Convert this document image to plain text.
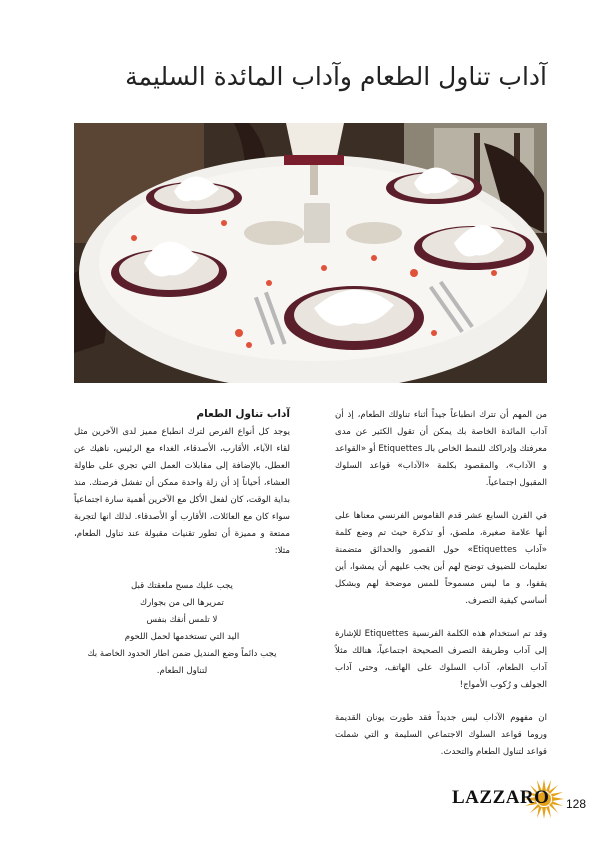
آداب تناول الطعام وآداب المائدة السليمة

من المهم أن تترك انطباعاً جيداً أثناء تناولك الطعام، إذ أن آداب المائدة الخاصة بك يمكن أن تقول الكثير عن مدى معرفتك وإدراكك للنمط الخاص بالـ Etiquettes أو «القواعد و الآداب»، والمقصود بكلمة «الآداب» قواعد السلوك المقبول اجتماعياً.

في القرن السابع عشر قدم القاموس الفرنسي معناها على أنها علامة صغيرة، ملصق، أو تذكرة حيث تم وضع كلمة «آداب Etiquettes» حول القصور والحدائق متضمنة تعليمات للضيوف توضح لهم أين يجب عليهم أن يمشوا، أين يقفوا، و ما ليس مسموحاً للمس موضحة لهم وبشكل أساسي كيفية التصرف.

وقد تم استخدام هذه الكلمة الفرنسية Etiquettes للإشارة إلى آداب وطريقة التصرف الصحيحة اجتماعياً، هنالك مثلاً آداب الطعام، آداب السلوك على الهاتف، وحتى آداب الجولف و رُكوب الأمواج!

ان مفهوم الآداب ليس جديداً فقد طورت يونان القديمة وروما قواعد السلوك الاجتماعي السليمة و التي شملت قواعد لتناول الطعام والتحدث.

آداب تناول الطعام

يوجد كل أنواع الفرص لترك انطباع مميز لدى الآخرين مثل لقاء الآباء، الأقارب، الأصدقاء، الغداء مع الرئيس، ناهيك عن العطل، بالإضافة إلى مقابلات العمل التي تجري على طاولة العشاء، أحياناً إذ أن زلة واحدة ممكن أن تفشل فرصتك. منذ بداية الوقت، كان لفعل الأكل مع الآخرين أهمية سارة اجتماعياً سواء كان مع العائلات، الأقارب أو الأصدقاء. لذلك انها لتجربة ممتعة و مميزة أن تطور تقنيات مقبولة عند تناول الطعام، مثلا:

يجب عليك مسح ملعقتك قبل
تمريرها الى من بجوارك

لا تلمس أنفك بنفس
اليد التي تستخدمها لحمل اللحوم

يجب دائماً وضع المنديل ضمن اطار الحدود الخاصة بك
لتناول الطعام.

LAZZARO 128
